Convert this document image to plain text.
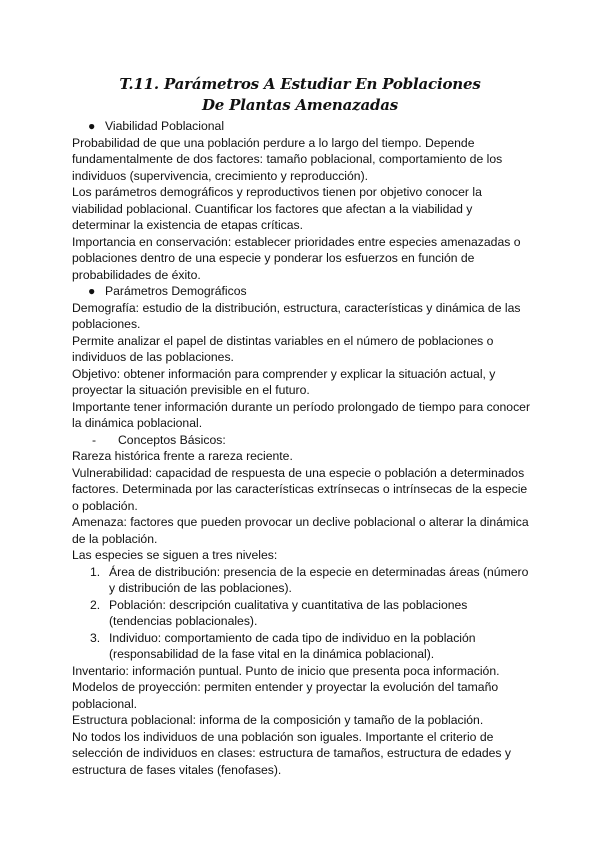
T.11. Parámetros A Estudiar En Poblaciones
De Plantas Amenazadas

● Viabilidad Poblacional

Probabilidad de que una población perdure a lo largo del tiempo. Depende fundamentalmente de dos factores: tamaño poblacional, comportamiento de los individuos (supervivencia, crecimiento y reproducción).

Los parámetros demográficos y reproductivos tienen por objetivo conocer la viabilidad poblacional. Cuantificar los factores que afectan a la viabilidad y determinar la existencia de etapas críticas.

Importancia en conservación: establecer prioridades entre especies amenazadas o poblaciones dentro de una especie y ponderar los esfuerzos en función de probabilidades de éxito.

● Parámetros Demográficos

Demografía: estudio de la distribución, estructura, características y dinámica de las poblaciones.

Permite analizar el papel de distintas variables en el número de poblaciones o individuos de las poblaciones.

Objetivo: obtener información para comprender y explicar la situación actual, y proyectar la situación previsible en el futuro.

Importante tener información durante un período prolongado de tiempo para conocer la dinámica poblacional.

- Conceptos Básicos:

Rareza histórica frente a rareza reciente.

Vulnerabilidad: capacidad de respuesta de una especie o población a determinados factores. Determinada por las características extrínsecas o intrínsecas de la especie o población.

Amenaza: factores que pueden provocar un declive poblacional o alterar la dinámica de la población.

Las especies se siguen a tres niveles:

1. Área de distribución: presencia de la especie en determinadas áreas (número y distribución de las poblaciones).
2. Población: descripción cualitativa y cuantitativa de las poblaciones (tendencias poblacionales).
3. Individuo: comportamiento de cada tipo de individuo en la población (responsabilidad de la fase vital en la dinámica poblacional).

Inventario: información puntual. Punto de inicio que presenta poca información.

Modelos de proyección: permiten entender y proyectar la evolución del tamaño poblacional.

Estructura poblacional: informa de la composición y tamaño de la población.

No todos los individuos de una población son iguales. Importante el criterio de selección de individuos en clases: estructura de tamaños, estructura de edades y estructura de fases vitales (fenofases).
